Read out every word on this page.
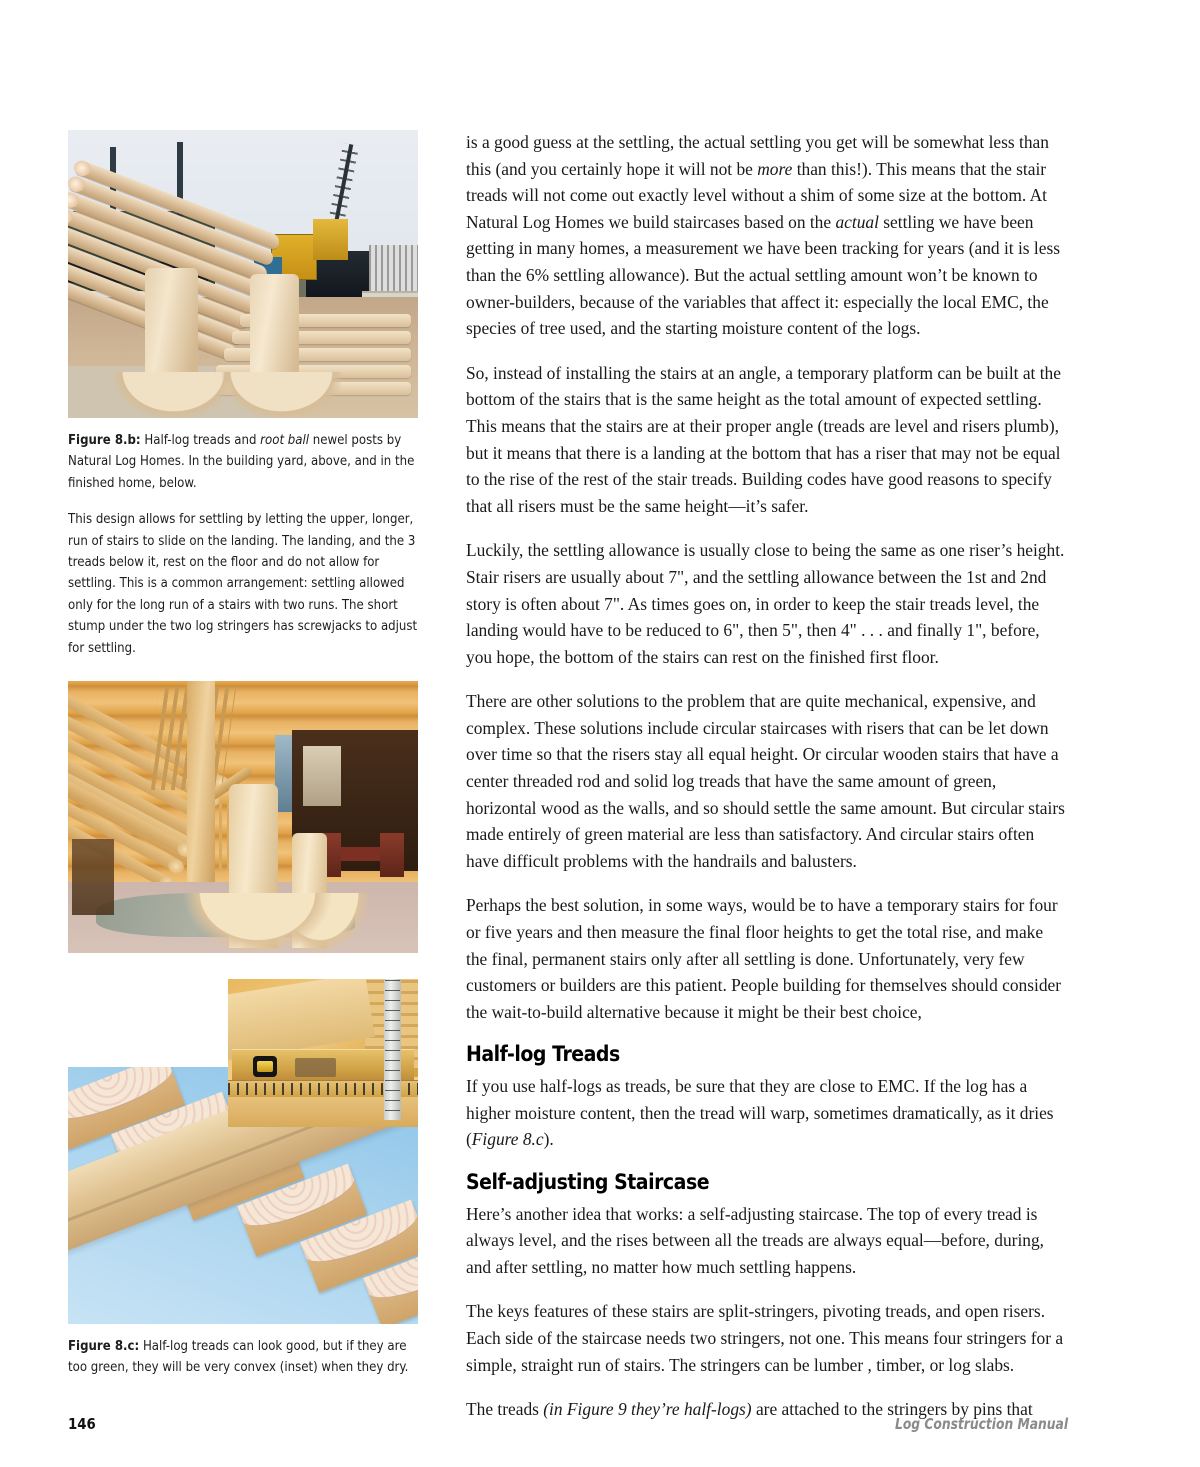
Figure 8.b: Half-log treads and root ball newel posts by Natural Log Homes. In the building yard, above, and in the finished home, below.

This design allows for settling by letting the upper, longer, run of stairs to slide on the landing. The landing, and the 3 treads below it, rest on the floor and do not allow for settling. This is a common arrangement: settling allowed only for the long run of a stairs with two runs. The short stump under the two log stringers has screwjacks to adjust for settling.

Figure 8.c: Half-log treads can look good, but if they are too green, they will be very convex (inset) when they dry.

is a good guess at the settling, the actual settling you get will be somewhat less than this (and you certainly hope it will not be more than this!). This means that the stair treads will not come out exactly level without a shim of some size at the bottom. At Natural Log Homes we build staircases based on the actual settling we have been getting in many homes, a measurement we have been tracking for years (and it is less than the 6% settling allowance). But the actual settling amount won’t be known to owner-builders, because of the variables that affect it: especially the local EMC, the species of tree used, and the starting moisture content of the logs.

So, instead of installing the stairs at an angle, a temporary platform can be built at the bottom of the stairs that is the same height as the total amount of expected settling. This means that the stairs are at their proper angle (treads are level and risers plumb), but it means that there is a landing at the bottom that has a riser that may not be equal to the rise of the rest of the stair treads. Building codes have good reasons to specify that all risers must be the same height—it’s safer.

Luckily, the settling allowance is usually close to being the same as one riser’s height. Stair risers are usually about 7", and the settling allowance between the 1st and 2nd story is often about 7". As times goes on, in order to keep the stair treads level, the landing would have to be reduced to 6", then 5", then 4" . . . and finally 1", before, you hope, the bottom of the stairs can rest on the finished first floor.

There are other solutions to the problem that are quite mechanical, expensive, and complex. These solutions include circular staircases with risers that can be let down over time so that the risers stay all equal height. Or circular wooden stairs that have a center threaded rod and solid log treads that have the same amount of green, horizontal wood as the walls, and so should settle the same amount. But circular stairs made entirely of green material are less than satisfactory. And circular stairs often have difficult problems with the handrails and balusters.

Perhaps the best solution, in some ways, would be to have a temporary stairs for four or five years and then measure the final floor heights to get the total rise, and make the final, permanent stairs only after all settling is done. Unfortunately, very few customers or builders are this patient. People building for themselves should consider the wait-to-build alternative because it might be their best choice,

Half-log Treads

If you use half-logs as treads, be sure that they are close to EMC. If the log has a higher moisture content, then the tread will warp, sometimes dramatically, as it dries (Figure 8.c).

Self-adjusting Staircase

Here’s another idea that works: a self-adjusting staircase. The top of every tread is always level, and the rises between all the treads are always equal—before, during, and after settling, no matter how much settling happens.

The keys features of these stairs are split-stringers, pivoting treads, and open risers. Each side of the staircase needs two stringers, not one. This means four stringers for a simple, straight run of stairs. The stringers can be lumber , timber, or log slabs.

The treads (in Figure 9 they’re half-logs) are attached to the stringers by pins that

146	Log Construction Manual
